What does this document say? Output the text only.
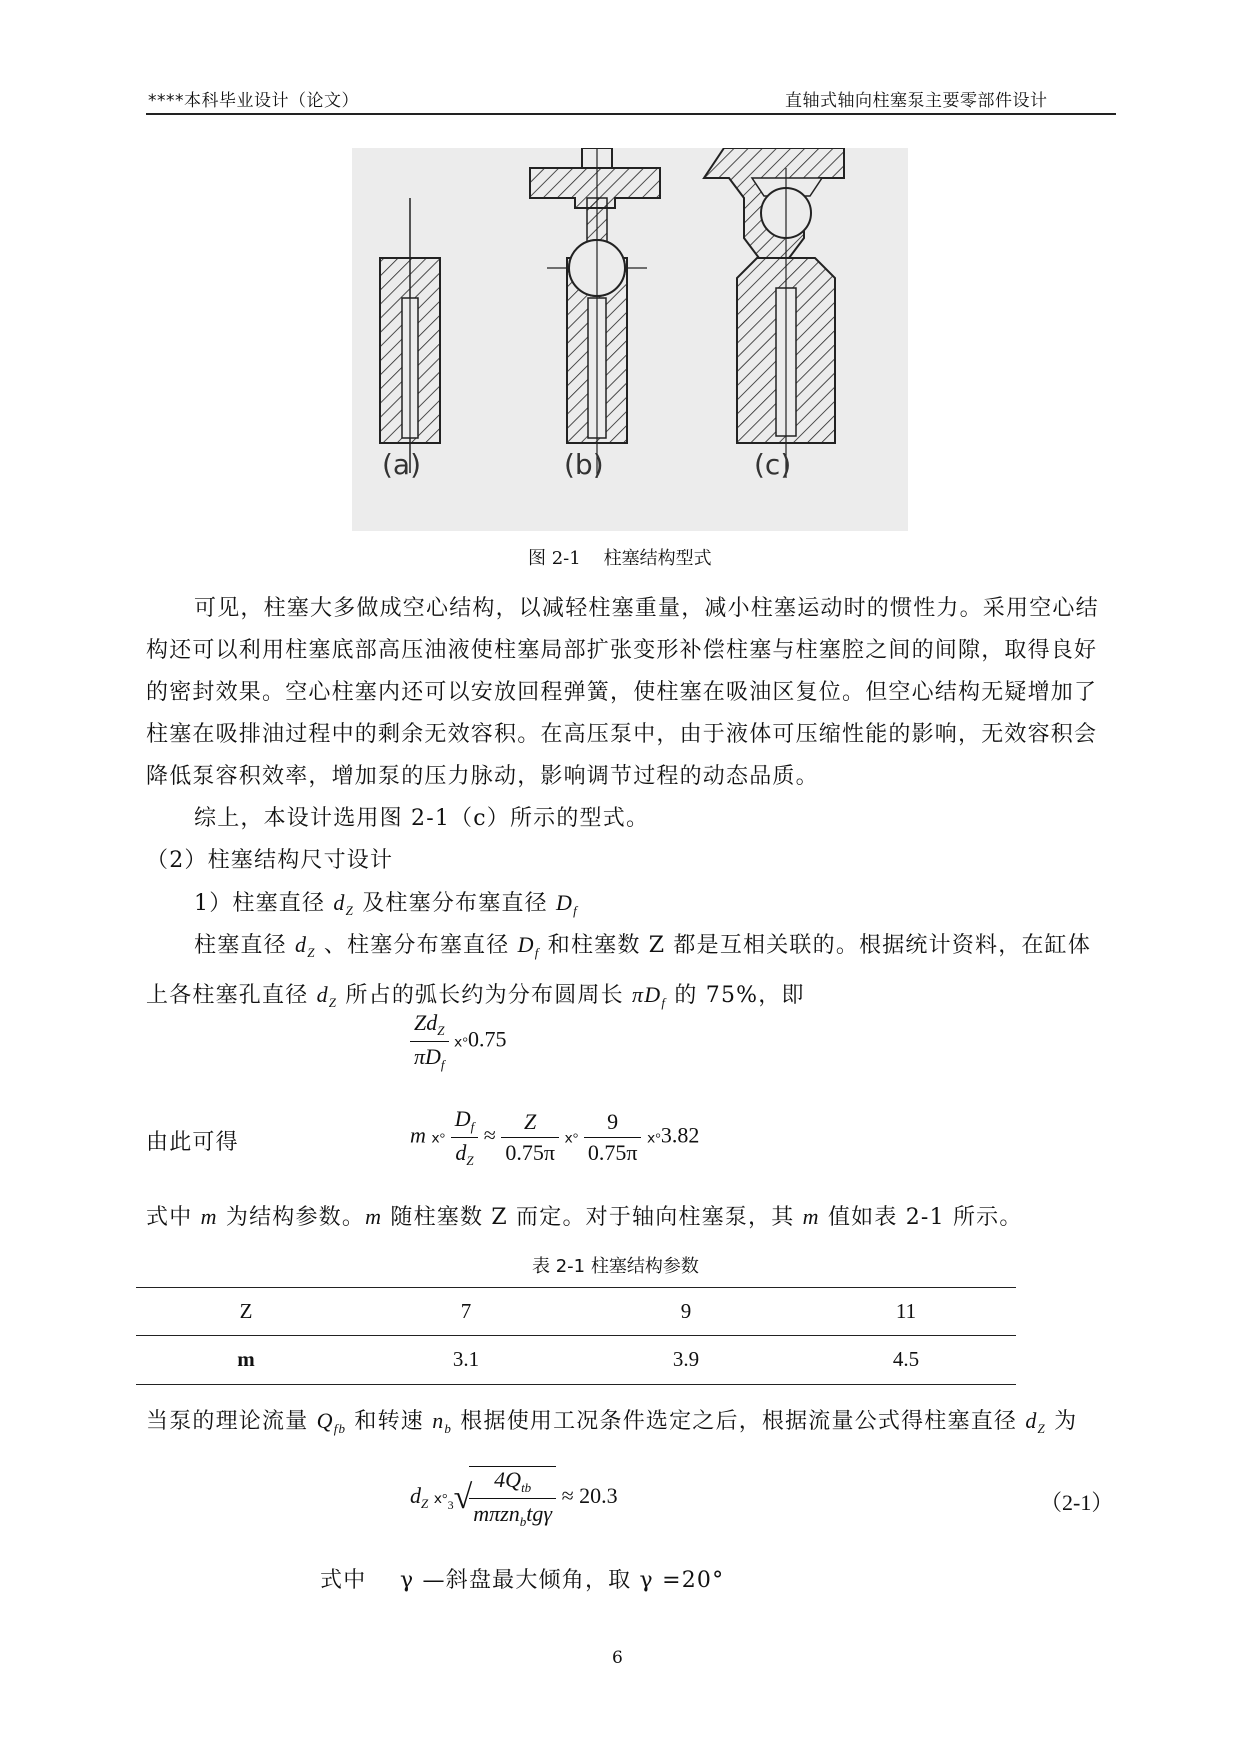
****本科毕业设计（论文）	直轴式轴向柱塞泵主要零部件设计
(a)	(b)	(c)
图 2-1    柱塞结构型式
可见，柱塞大多做成空心结构，以减轻柱塞重量，减小柱塞运动时的惯性力。采用空心结构还可以利用柱塞底部高压油液使柱塞局部扩张变形补偿柱塞与柱塞腔之间的间隙，取得良好的密封效果。空心柱塞内还可以安放回程弹簧，使柱塞在吸油区复位。但空心结构无疑增加了柱塞在吸排油过程中的剩余无效容积。在高压泵中，由于液体可压缩性能的影响，无效容积会降低泵容积效率，增加泵的压力脉动，影响调节过程的动态品质。
综上，本设计选用图 2-1（c）所示的型式。
（2）柱塞结构尺寸设计
1）柱塞直径 $d_Z$ 及柱塞分布塞直径 $D_f$
柱塞直径 $d_Z$ 、柱塞分布塞直径 $D_f$ 和柱塞数 Z 都是互相关联的。根据统计资料，在缸体上各柱塞孔直径 $d_Z$ 所占的弧长约为分布圆周长 $\pi D_f$ 的 75%，即
$\frac{Zd_Z}{\pi D_f}$ ⅹ°0.75
由此可得	m ⅹ° $\frac{D_f}{d_Z} \approx \frac{Z}{0.75\pi}$ ⅹ° $\frac{9}{0.75\pi}$ ⅹ°3.82
式中 m 为结构参数。m 随柱塞数 Z 而定。对于轴向柱塞泵，其 m 值如表 2-1 所示。
表 2-1 柱塞结构参数
Z	7	9	11
m	3.1	3.9	4.5
当泵的理论流量 $Q_{fb}$ 和转速 $n_b$ 根据使用工况条件选定之后，根据流量公式得柱塞直径 $d_Z$ 为
$d_Z$ $ⅹ^\circ_3√$
$\frac{4Q_{tb}}{m\pi zn_btg\gamma} \approx 20.3$	（2-1）
式中	γ —斜盘最大倾角，取 γ =20°
6
